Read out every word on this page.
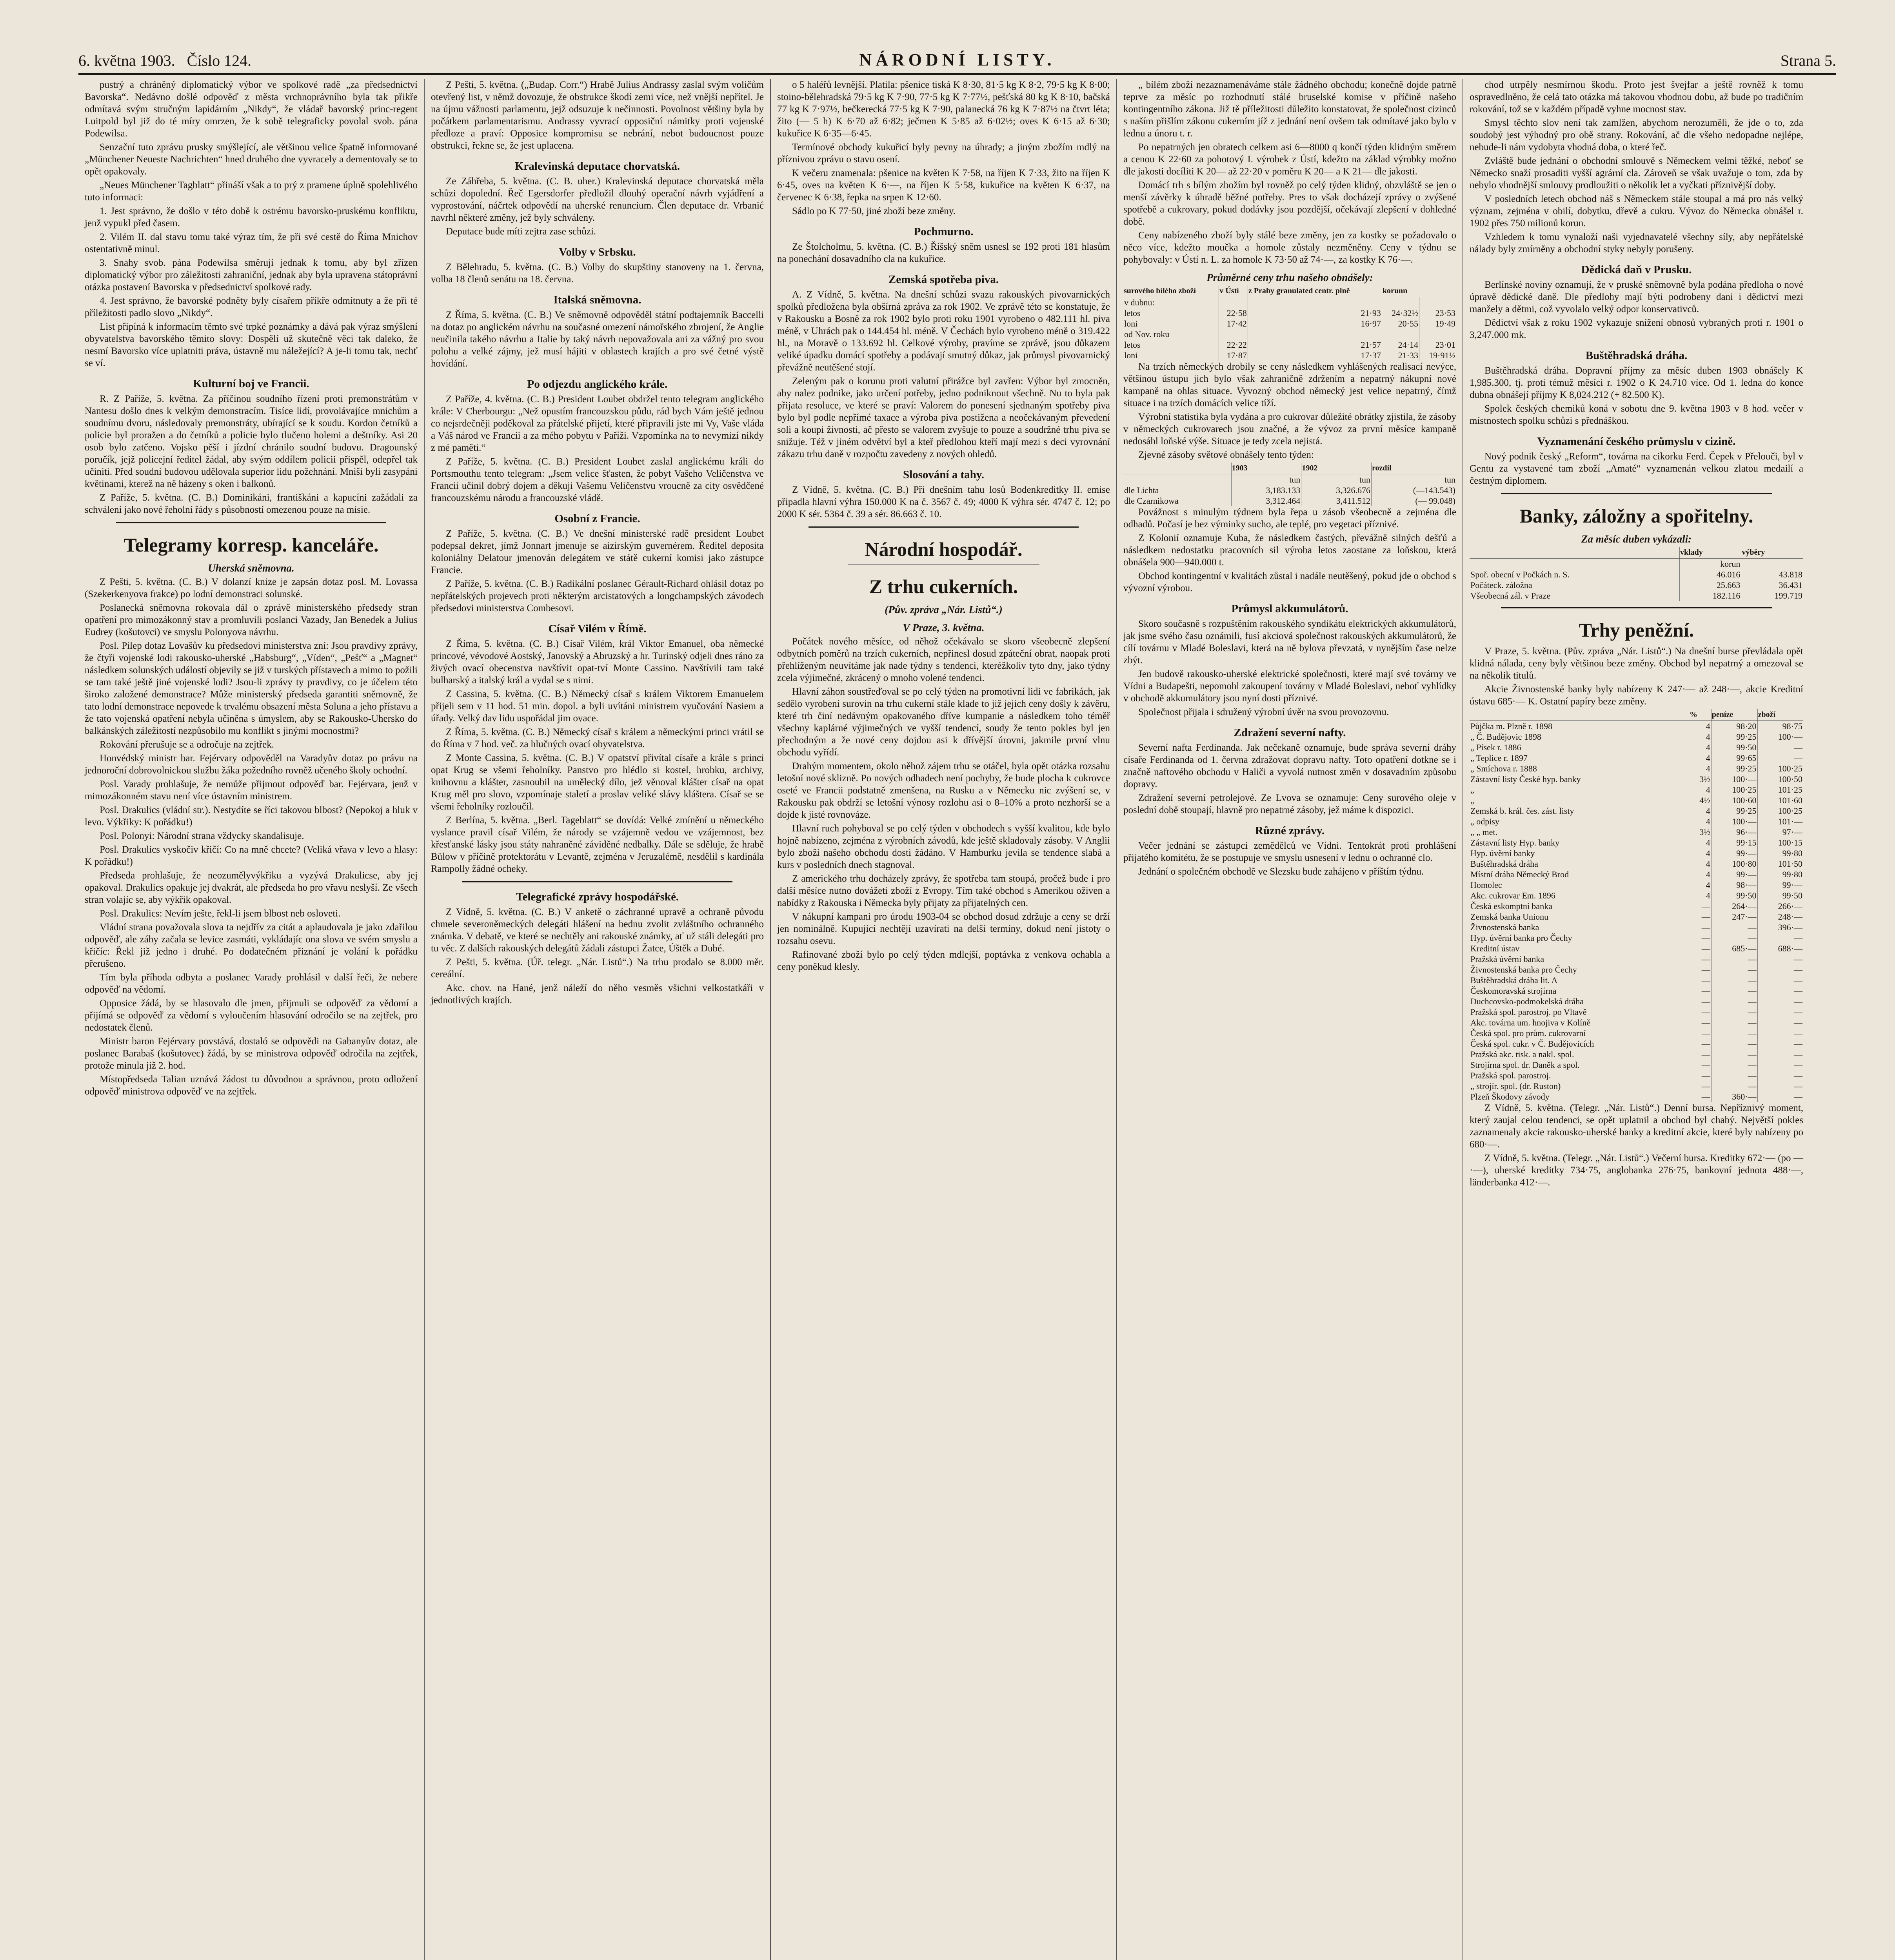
6. května 1903. Číslo 124.	NÁRODNÍ LISTY.	Strana 5.

pustrý a chráněný diplomatický výbor ve spolkové radě „za předsednictví Bavorska“. Nedávno došlé odpověď z města vrchnoprávního byla tak přikře odmítavá svým stručným lapidárním „Nikdy“, že vládař bavorský princ-regent Luitpold byl již do té míry omrzen, že k sobě telegraficky povolal svob. pána Podewilsa.

Senzační tuto zprávu prusky smýšlející, ale většinou velice špatně informované „Münchener Neueste Nachrichten“ hned druhého dne vyvracely a dementovaly se to opět opakovaly.

„Neues Münchener Tagblatt“ přináší však a to prý z pramene úplně spolehlivého tuto informaci:

1. Jest správno, že došlo v této době k ostrému bavorsko-pruskému konfliktu, jenž vypukl před časem.

2. Vilém II. dal stavu tomu také výraz tím, že při své cestě do Říma Mnichov ostentativně minul.

3. Snahy svob. pána Podewilsa směrují jednak k tomu, aby byl zřízen diplomatický výbor pro záležitosti zahraniční, jednak aby byla upravena státoprávní otázka postavení Bavorska v předsednictví spolkové rady.

4. Jest správno, že bavorské podněty byly císařem příkře odmítnuty a že při té příležitosti padlo slovo „Nikdy“.

List připíná k informacím těmto své trpké poznámky a dává pak výraz smýšlení obyvatelstva bavorského těmito slovy: Dospělí už skutečně věci tak daleko, že nesmí Bavorsko více uplatniti práva, ústavně mu náležející? A je-li tomu tak, nechť se ví.

Kulturní boj ve Francii.

R. Z Paříže, 5. května. Za příčinou soudního řízení proti premonstrátům v Nantesu došlo dnes k velkým demonstracím. Tisíce lidí, provolávajíce mnichům a soudnímu dvoru, následovaly premonstráty, ubírající se k soudu. Kordon četníků a policie byl proražen a do četníků a policie bylo tlučeno holemi a deštníky. Asi 20 osob bylo zatčeno. Vojsko pěší i jízdní chránilo soudní budovu. Dragounský poručík, jejž policejní ředitel žádal, aby svým oddílem policii přispěl, odepřel tak učiniti. Před soudní budovou udělovala superior lidu požehnání. Mniši byli zasypáni květinami, kterež na ně házeny s oken i balkonů.

Z Paříže, 5. května. (C. B.) Dominikáni, františkáni a kapucíni zažádali za schválení jako nové řeholní řády s působností omezenou pouze na misie.

Telegramy korresp. kanceláře.
Uherská sněmovna.

Z Pešti, 5. května. (C. B.) V dolanzí knize je zapsán dotaz posl. M. Lovassa (Szekerkenyova frakce) po lodní demonstraci solunské.

Poslanecká sněmovna rokovala dál o zprávě ministerského předsedy stran opatření pro mimozákonný stav a promluvili poslanci Vazady, Jan Benedek a Julius Eudrey (košutovci) ve smyslu Polonyova návrhu.

Posl. Pilep dotaz Lovašův ku předsedovi ministerstva zní: Jsou pravdivy zprávy, že čtyři vojenské lodi rakousko-uherské „Habsburg“, „Víden“, „Pešť“ a „Magnet“ následkem solunských událostí objevily se již v turských přístavech a mimo to požili se tam také ještě jiné vojenské lodi? Jsou-li zprávy ty pravdivy, co je účelem této široko založené demonstrace? Může ministerský předseda garantiti sněmovně, že tato lodní demonstrace nepovede k trvalému obsazení města Soluna a jeho přístavu a že tato vojenská opatření nebyla učiněna s úmyslem, aby se Rakousko-Uhersko do balkánských záležitostí nezpůsobilo mu konflikt s jinými mocnostmi?

Rokování přerušuje se a odročuje na zejtřek.

Honvédský ministr bar. Fejérvary odpověděl na Varadyův dotaz po právu na jednoroční dobrovolnickou službu žáka požedního rovněž učeného školy ochodní.

Posl. Varady prohlašuje, že nemůže přijmout odpověď bar. Fejérvara, jenž v mimozákonném stavu není více ústavním ministrem.

Posl. Drakulics (vládní str.). Nestydíte se říci takovou blbost? (Nepokoj a hluk v levo. Výkřiky: K pořádku!)

Posl. Polonyi: Národní strana vždycky skandalisuje.

Posl. Drakulics vyskočiv křičí: Co na mně chcete? (Veliká vřava v levo a hlasy: K pořádku!)

Předseda prohlašuje, že neozumělyvýkřiku a vyzývá Drakulicse, aby jej opakoval. Drakulics opakuje jej dvakrát, ale předseda ho pro vřavu neslyší. Ze všech stran volajíc se, aby výkřik opakoval.

Posl. Drakulics: Nevím ješte, řekl-li jsem blbost neb osloveti.

Vládní strana považovala slova ta nejdřív za citát a aplaudovala je jako zdařilou odpověď, ale záhy začala se levice zasmáti, vykládajíc ona slova ve svém smyslu a křičíc: Řekl již jedno i druhé. Po dodatečném přiznání je volání k pořádku přerušeno.

Tím byla příhoda odbyta a poslanec Varady prohlásil v další řeči, že nebere odpověď na vědomí.

Opposice žádá, by se hlasovalo dle jmen, přijmuli se odpověď za vědomí a přijímá se odpověď za vědomí s vyloučením hlasování odročilo se na zejtřek, pro nedostatek členů.

Ministr baron Fejérvary povstává, dostaló se odpovědi na Gabanyův dotaz, ale poslanec Barabaš (košutovec) žádá, by se ministrova odpověď odročila na zejtřek, protože minula již 2. hod.

Místopředseda Talian uznává žádost tu důvodnou a správnou, proto odložení odpověď ministrova odpověď ve na zejtřek.

Z Pešti, 5. května. („Budap. Corr.“) Hrabě Julius Andrassy zaslal svým voličům otevřený list, v němž dovozuje, že obstrukce škodí zemi více, než vnější nepřítel. Je na újmu vážnosti parlamentu, jejž odsuzuje k nečinnosti. Povolnost většiny byla by počátkem parlamentarismu. Andrassy vyvrací opposiční námitky proti vojenské předloze a praví: Opposice kompromisu se nebrání, nebot budoucnost pouze obstrukci, řekne se, že jest uplacena.

Kralevinská deputace chorvatská.

Ze Záhřeba, 5. května. (C. B. uher.) Kralevinská deputace chorvatská měla schůzi dopolední. Řeč Egersdorfer předložil dlouhý operační návrh vyjádření a vyprostování, náčrtek odpovědí na uherské renuncium. Člen deputace dr. Vrbanić navrhl některé změny, jež byly schváleny.

Deputace bude míti zejtra zase schůzi.

Volby v Srbsku.

Z Bělehradu, 5. května. (C. B.) Volby do skupštiny stanoveny na 1. června, volba 18 členů senátu na 18. června.

Italská sněmovna.

Z Říma, 5. května. (C. B.) Ve sněmovně odpověděl státní podtajemník Baccelli na dotaz po anglickém návrhu na současné omezení námořského zbrojení, že Anglie neučinila takého návrhu a Italie by taký návrh nepovažovala ani za vážný pro svou polohu a velké zájmy, jež musí hájiti v oblastech krajích a pro své četné výstě hovídání.

Po odjezdu anglického krále.

Z Paříže, 4. května. (C. B.) President Loubet obdržel tento telegram anglického krále: V Cherbourgu: „Než opustím francouzskou půdu, rád bych Vám ještě jednou co nejsrdečněji poděkoval za přátelské přijetí, které připravili jste mi Vy, Vaše vláda a Váš národ ve Francii a za mého pobytu v Paříži. Vzpomínka na to nevymizí nikdy z mé paměti.“

Z Paříže, 5. května. (C. B.) President Loubet zaslal anglickému králi do Portsmouthu tento telegram: „Jsem velice šťasten, že pobyt Vašeho Veličenstva ve Francii učinil dobrý dojem a děkuji Vašemu Veličenstvu vroucně za city osvědčené francouzskému národu a francouzské vládě.

Osobní z Francie.

Z Paříže, 5. května. (C. B.) Ve dnešní ministerské radě president Loubet podepsal dekret, jímž Jonnart jmenuje se aizirským guvernérem. Ředitel deposita koloniálny Delatour jmenován delegátem ve státě cukerní komisi jako zástupce Francie.

Z Paříže, 5. května. (C. B.) Radikální poslanec Gérault-Richard ohlásil dotaz po nepřátelských projevech proti některým arcistatových a longchampských závodech předsedovi ministerstva Combesovi.

Císař Vilém v Římě.

Z Říma, 5. května. (C. B.) Císař Vilém, král Viktor Emanuel, oba německé princové, vévodové Aostský, Janovský a Abruzský a hr. Turinský odjeli dnes ráno za živých ovací obecenstva navštívit opat-tví Monte Cassino. Navštívili tam také bulharský a italský král a vydal se s nimi.

Z Cassina, 5. května. (C. B.) Německý císař s králem Viktorem Emanuelem přijeli sem v 11 hod. 51 min. dopol. a byli uvítáni ministrem vyučování Nasiem a úřady. Velký dav lidu uspořádal jim ovace.

Z Říma, 5. května. (C. B.) Německý císař s králem a německými princi vrátil se do Říma v 7 hod. več. za hlučných ovací obyvatelstva.

Z Monte Cassina, 5. května. (C. B.) V opatství přivítal císaře a krále s princi opat Krug se všemi řeholníky. Panstvo pro hlédlo si kostel, hrobku, archivy, knihovnu a klášter, zasnoubil na umělecký dílo, jež věnoval klášter císař na opat Krug měl pro slovo, vzpomínaje staletí a proslav veliké slávy kláštera. Císař se se všemi řeholníky rozloučil.

Z Berlína, 5. května. „Berl. Tageblatt“ se dovídá: Velké zmínění u německého vyslance pravil císař Vilém, že národy se vzájemně vedou ve vzájemnost, bez křesťanské lásky jsou státy nahraněné záviděné nedbalky. Dále se sděluje, že hrabě Bülow v příčině protektorátu v Levantě, zejména v Jeruzalémě, nesdělil s kardinála Rampolly žádné ocheky.

Telegrafické zprávy hospodářské.

Z Vídně, 5. května. (C. B.) V anketě o záchranné upravě a ochraně původu chmele severoněmeckých delegáti hlášení na bednu zvolit zvláštního ochranného známka. V debatě, ve které se nechtěly ani rakouské známky, ať už stáli delegáti pro tu věc. Z dalších rakouských delegátů žádali zástupci Žatce, Úštěk a Dubé.

Z Pešti, 5. května. (Úř. telegr. „Nár. Listů“.) Na trhu prodalo se 8.000 měr. cereální.

Akc. chov. na Hané, jenž náleží do něho vesměs všichni velkostatkáři v jednotlivých krajích.

o 5 haléřů levnější. Platila: pšenice tiská K 8·30, 81·5 kg K 8·2, 79·5 kg K 8·00; stoino-bělehradská 79·5 kg K 7·90, 77·5 kg K 7·77½, pešťská 80 kg K 8·10, bačská 77 kg K 7·97½, bečkerecká 77·5 kg K 7·90, palanecká 76 kg K 7·87½ na čtvrt léta; žito (— 5 h) K 6·70 až 6·82; ječmen K 5·85 až 6·02½; oves K 6·15 až 6·30; kukuřice K 6·35—6·45.

Termínové obchody kukuřicí byly pevny na úhrady; a jiným zbožím mdlý na příznivou zprávu o stavu osení.

K večeru znamenala: pšenice na květen K 7·58, na říjen K 7·33, žito na říjen K 6·45, oves na květen K 6·—, na říjen K 5·58, kukuřice na květen K 6·37, na červenec K 6·38, řepka na srpen K 12·60.

Sádlo po K 77·50, jiné zboží beze změny.

Pochmurno.

Ze Štolcholmu, 5. května. (C. B.) Říšský sněm usnesl se 192 proti 181 hlasům na ponechání dosavadního cla na kukuřice.

Zemská spotřeba piva.

A. Z Vídně, 5. května. Na dnešní schůzi svazu rakouských pivovarnických spolků předložena byla obšírná zpráva za rok 1902. Ve zprávě této se konstatuje, že v Rakousku a Bosně za rok 1902 bylo proti roku 1901 vyrobeno o 482.111 hl. piva méně, v Uhrách pak o 144.454 hl. méně. V Čechách bylo vyrobeno méně o 319.422 hl., na Moravě o 133.692 hl. Celkové výroby, pravíme se zprávě, jsou důkazem veliké úpadku domácí spotřeby a podávají smutný důkaz, jak průmysl pivovarnický převážně neutěšené stojí.

Zeleným pak o korunu proti valutní přirážce byl zavřen: Výbor byl zmocněn, aby nalez podnike, jako určení potřeby, jedno podniknout všechně. Nu to byla pak přijata resoluce, ve které se praví: Valorem do ponesení sjednaným spotřeby piva bylo byl podle nepřímé taxace a výroba piva postižena a neočekávaným převedení soli a koupi živnosti, ač přesto se valorem zvyšuje to pouze a soudržné trhu piva se snižuje. Též v jiném odvětví byl a kteř předlohou kteří mají mezi s deci vyrovnání zákazu trhu daně v rozpočtu zavedeny z nových ohledů.

Slosování a tahy.

Z Vídně, 5. května. (C. B.) Při dnešním tahu losů Bodenkreditky II. emise připadla hlavní výhra 150.000 K na č. 3567 č. 49; 4000 K výhra sér. 4747 č. 12; po 2000 K sér. 5364 č. 39 a sér. 86.663 č. 10.

Národní hospodář.
Z trhu cukerních.
(Pův. zpráva „Nár. Listů“.)
V Praze, 3. května.

Počátek nového měsíce, od něhož očekávalo se skoro všeobecně zlepšení odbytních poměrů na trzích cukerních, nepřinesl dosud zpáteční obrat, naopak proti přehlíženým neuvítáme jak nade týdny s tendenci, kteréžkoliv tyto dny, jako týdny zcela výjimečné, zkrácený o mnoho volené tendenci.

Hlavní záhon soustřeďoval se po celý týden na promotivní lidi ve fabrikách, jak sedělo vyrobení surovin na trhu cukerní stále klade to již jejich ceny došly k závěru, které trh činí nedávným opakovaného dříve kumpanie a následkem toho téměř všechny kaplárné výjimečných ve vyšší tendencí, soudy že tento pokles byl jen přechodným a že nové ceny dojdou asi k dřívější úrovni, jakmile první vlnu obchodu vyřídí.

Drahým momentem, okolo něhož zájem trhu se otáčel, byla opět otázka rozsahu letošní nové sklizně. Po nových odhadech není pochyby, že bude plocha k cukrovce oseté ve Francii podstatně zmenšena, na Rusku a v Německu nic zvýšení se, v Rakousku pak obdrží se letošní výnosy rozlohu asi o 8–10% a proto nezhorší se a dojde k jisté rovnováze.

Hlavní ruch pohyboval se po celý týden v obchodech s vyšší kvalitou, kde bylo hojně nabízeno, zejména z výrobních závodů, kde ještě skladovaly zásoby. V Anglii bylo zboží našeho obchodu dosti žádáno. V Hamburku jevila se tendence slabá a kurs v posledních dnech stagnoval.

Z amerického trhu docházely zprávy, že spotřeba tam stoupá, pročež bude i pro další měsíce nutno dovážeti zboží z Evropy. Tím také obchod s Amerikou oživen a nabídky z Rakouska i Německa byly přijaty za přijatelných cen.

V nákupní kampani pro úrodu 1903-04 se obchod dosud zdržuje a ceny se drží jen nominálně. Kupující nechtějí uzavírati na delší termíny, dokud není jistoty o rozsahu osevu.

Rafinované zboží bylo po celý týden mdlejší, poptávka z venkova ochabla a ceny poněkud klesly.

„ bílém zboží nezaznamenáváme stále žádného obchodu; konečně dojde patrně teprve za měsíc po rozhodnutí stálé bruselské komise v příčině našeho kontingentního zákona. Již tě příležitosti důležito konstatovat, že společnost cizinců s naším přišlím zákonu cukerním jíž z jednání není ovšem tak odmítavé jako bylo v lednu a únoru t. r.

Po nepatrných jen obratech celkem asi 6—8000 q končí týden klidným směrem a cenou K 22·60 za pohotový I. výrobek z Ústí, kdežto na základ výrobky možno dle jakosti docíliti K 20— až 22·20 v poměru K 20— a K 21— dle jakosti.

Domácí trh s bílým zbožím byl rovněž po celý týden klidný, obzvláště se jen o menší závěrky k úhradě běžné potřeby. Pres to však docházejí zprávy o zvýšené spotřebě a cukrovary, pokud dodávky jsou pozdější, očekávají zlepšení v dohledné době.

Ceny nabízeného zboží byly stálé beze změny, jen za kostky se požadovalo o něco více, kdežto moučka a homole zůstaly nezměněny. Ceny v týdnu se pohybovaly: v Ústí n. L. za homole K 73·50 až 74·—, za kostky K 76·—.

Průměrné ceny trhu našeho obnášely:
surového bílého zboží	v Ústí	z Prahy granulated centr. plně	korunn	
v dubnu:				
letos	22·58	21·93	24·32½	23·53
loni	17·42	16·97	20·55	19·49
od Nov. roku				
letos	22·22	21·57	24·14	23·01
loni	17·87	17·37	21·33	19·91½

Na trzích německých drobily se ceny následkem vyhlášených realisací nevýce, většinou ústupu jich bylo však zahraničně zdržením a nepatrný nákupní nové kampaně na ohlas situace. Vyvozný obchod německý jest velice nepatrný, čímž situace i na trzích domácích velice tíží.

Výrobní statistika byla vydána a pro cukrovar důležité obrátky zjistila, že zásoby v německých cukrovarech jsou značné, a že vývoz za první měsíce kampaně nedosáhl loňské výše. Situace je tedy zcela nejistá.

Zjevné zásoby světové obnášely tento týden:

	1903	1902	rozdíl
	tun	tun	tun
dle Lichta	3,183.133	3,326.676	(—143.543)
dle Czarnikowa	3,312.464	3,411.512	(— 99.048)

Povážnost s minulým týdnem byla řepa u zásob všeobecně a zejména dle odhadů. Počasí je bez výminky sucho, ale teplé, pro vegetaci příznivé.

Z Kolonií oznamuje Kuba, že následkem častých, převážně silných dešťů a následkem nedostatku pracovních sil výroba letos zaostane za loňskou, která obnášela 900—940.000 t.

Obchod kontingentní v kvalitách zůstal i nadále neutěšený, pokud jde o obchod s vývozní výrobou.

Průmysl akkumulátorů.

Skoro současně s rozpuštěním rakouského syndikátu elektrických akkumulátorů, jak jsme svého času oznámili, fusí akciová společnost rakouských akkumulátorů, že cílí továrnu v Mladé Boleslavi, která na ně bylova převzatá, v nynějším čase nelze zbýt.

Jen budově rakousko-uherské elektrické společnosti, které mají své továrny ve Vídni a Budapešti, nepomohl zakoupení továrny v Mladé Boleslavi, neboť vyhlídky v obchodě akkumulátory jsou nyní dosti příznivé.

Společnost přijala i sdružený výrobní úvěr na svou provozovnu.

Zdražení severní nafty.

Severní nafta Ferdinanda. Jak nečekaně oznamuje, bude správa severní dráhy císaře Ferdinanda od 1. června zdražovat dopravu nafty. Toto opatření dotkne se i značně naftového obchodu v Haliči a vyvolá nutnost změn v dosavadním způsobu dopravy.

Zdražení severní petrolejové. Ze Lvova se oznamuje: Ceny surového oleje v poslední době stoupají, hlavně pro nepatrné zásoby, jež máme k dispozici.

Různé zprávy.

Večer jednání se zástupci zemědělců ve Vídni. Tentokrát proti prohlášení přijatého komitétu, že se postupuje ve smyslu usnesení v lednu o ochranné clo.

Jednání o společném obchodě ve Slezsku bude zahájeno v příštím týdnu.

chod utrpěly nesmírnou škodu. Proto jest švejfar a ještě rovněž k tomu ospravedlněno, že celá tato otázka má takovou vhodnou dobu, až bude po tradičním rokování, tož se v každém případě vyhne mocnost stav.

Smysl těchto slov není tak zamlžen, abychom nerozuměli, že jde o to, zda soudobý jest výhodný pro obě strany. Rokování, ač dle všeho nedopadne nejlépe, nebude-li nám vydobyta vhodná doba, o které řeč.

Zvláště bude jednání o obchodní smlouvě s Německem velmi těžké, neboť se Německo snaží prosaditi vyšší agrární cla. Zároveň se však uvažuje o tom, zda by nebylo vhodnější smlouvy prodloužiti o několik let a vyčkati příznivější doby.

V posledních letech obchod náš s Německem stále stoupal a má pro nás velký význam, zejména v obilí, dobytku, dřevě a cukru. Vývoz do Německa obnášel r. 1902 přes 750 milionů korun.

Vzhledem k tomu vynaloží naši vyjednavatelé všechny síly, aby nepřátelské nálady byly zmírněny a obchodní styky nebyly porušeny.

Dědická daň v Prusku.

Berlínské noviny oznamují, že v pruské sněmovně byla podána předloha o nové úpravě dědické daně. Dle předlohy mají býti podrobeny dani i dědictví mezi manžely a dětmi, což vyvolalo velký odpor konservativců.

Dědictví však z roku 1902 vykazuje snížení obnosů vybraných proti r. 1901 o 3,247.000 mk.

Buštěhradská dráha.

Buštěhradská dráha. Dopravní příjmy za měsíc duben 1903 obnášely K 1,985.300, tj. proti témuž měsíci r. 1902 o K 24.710 více. Od 1. ledna do konce dubna obnášejí příjmy K 8,024.212 (+ 82.500 K).

Spolek českých chemiků koná v sobotu dne 9. května 1903 v 8 hod. večer v místnostech spolku schůzi s přednáškou.

Vyznamenání českého průmyslu v cizině.

Nový podnik český „Reform“, továrna na cikorku Ferd. Čepek v Přelouči, byl v Gentu za vystavené tam zboží „Amaté“ vyznamenán velkou zlatou medailí a čestným diplomem.

Banky, záložny a spořitelny.
Za měsíc duben vykázali:
	vklady	výběry
	korun	
Spoř. obecní v Počkách n. S.	46.016	43.818
Počáteck. záložna	25.663	36.431
Všeobecná zál. v Praze	182.116	199.719
Trhy peněžní.

V Praze, 5. května. (Pův. zpráva „Nár. Listů“.) Na dnešní burse převládala opět klidná nálada, ceny byly většinou beze změny. Obchod byl nepatrný a omezoval se na několik titulů.

Akcie Živnostenské banky byly nabízeny K 247·— až 248·—, akcie Kreditní ústavu 685·— K. Ostatní papíry beze změny.

	%	peníze	zboží
Půjčka m. Plzně r. 1898	4	98·20	98·75
„ Č. Budějovic 1898	4	99·25	100·—
„ Písek r. 1886	4	99·50	—
„ Teplice r. 1897	4	99·65	—
„ Smíchova r. 1888	4	99·25	100·25
Zástavní listy České hyp. banky	3½	100·—	100·50
„	4	100·25	101·25
„	4½	100·60	101·60
Zemská b. král. čes. zást. listy	4	99·25	100·25
„ odpisy	4	100·—	101·—
„ „ met.	3½	96·—	97·—
Zástavní listy Hyp. banky	4	99·15	100·15
Hyp. úvěrní banky	4	99·—	99·80
Buštěhradská dráha	4	100·80	101·50
Místní dráha Německý Brod	4	99·—	99·80
Homolec	4	98·—	99·—
Akc. cukrovar Em. 1896	4	99·50	99·50
Česká eskomptní banka	—	264·—	266·—
Zemská banka Unionu	—	247·—	248·—
Živnostenská banka	—	—	396·—
Hyp. úvěrní banka pro Čechy	—	—	—
Kreditní ústav	—	685·—	688·—
Pražská úvěrní banka	—	—	—
Živnostenská banka pro Čechy	—	—	—
Buštěhradská dráha lit. A	—	—	—
Českomoravská strojírna	—	—	—
Duchcovsko-podmokelská dráha	—	—	—
Pražská spol. parostroj. po Vltavě	—	—	—
Akc. továrna um. hnojiva v Kolíně	—	—	—
Česká spol. pro prům. cukrovarní	—	—	—
Česká spol. cukr. v Č. Budějovicích	—	—	—
Pražská akc. tisk. a nakl. spol.	—	—	—
Strojírna spol. dr. Daněk a spol.	—	—	—
Pražská spol. parostroj.	—	—	—
„ strojír. spol. (dr. Ruston)	—	—	—
Plzeň Škodovy závody	—	360·—	—

Z Vídně, 5. května. (Telegr. „Nár. Listů“.) Denní bursa. Nepříznivý moment, který zaujal celou tendenci, se opět uplatnil a obchod byl chabý. Největší pokles zaznamenaly akcie rakousko-uherské banky a kreditní akcie, které byly nabízeny po 680·—.

Z Vídně, 5. května. (Telegr. „Nár. Listů“.) Večerní bursa. Kreditky 672·— (po —·—), uherské kreditky 734·75, anglobanka 276·75, bankovní jednota 488·—, länderbanka 412·—.
